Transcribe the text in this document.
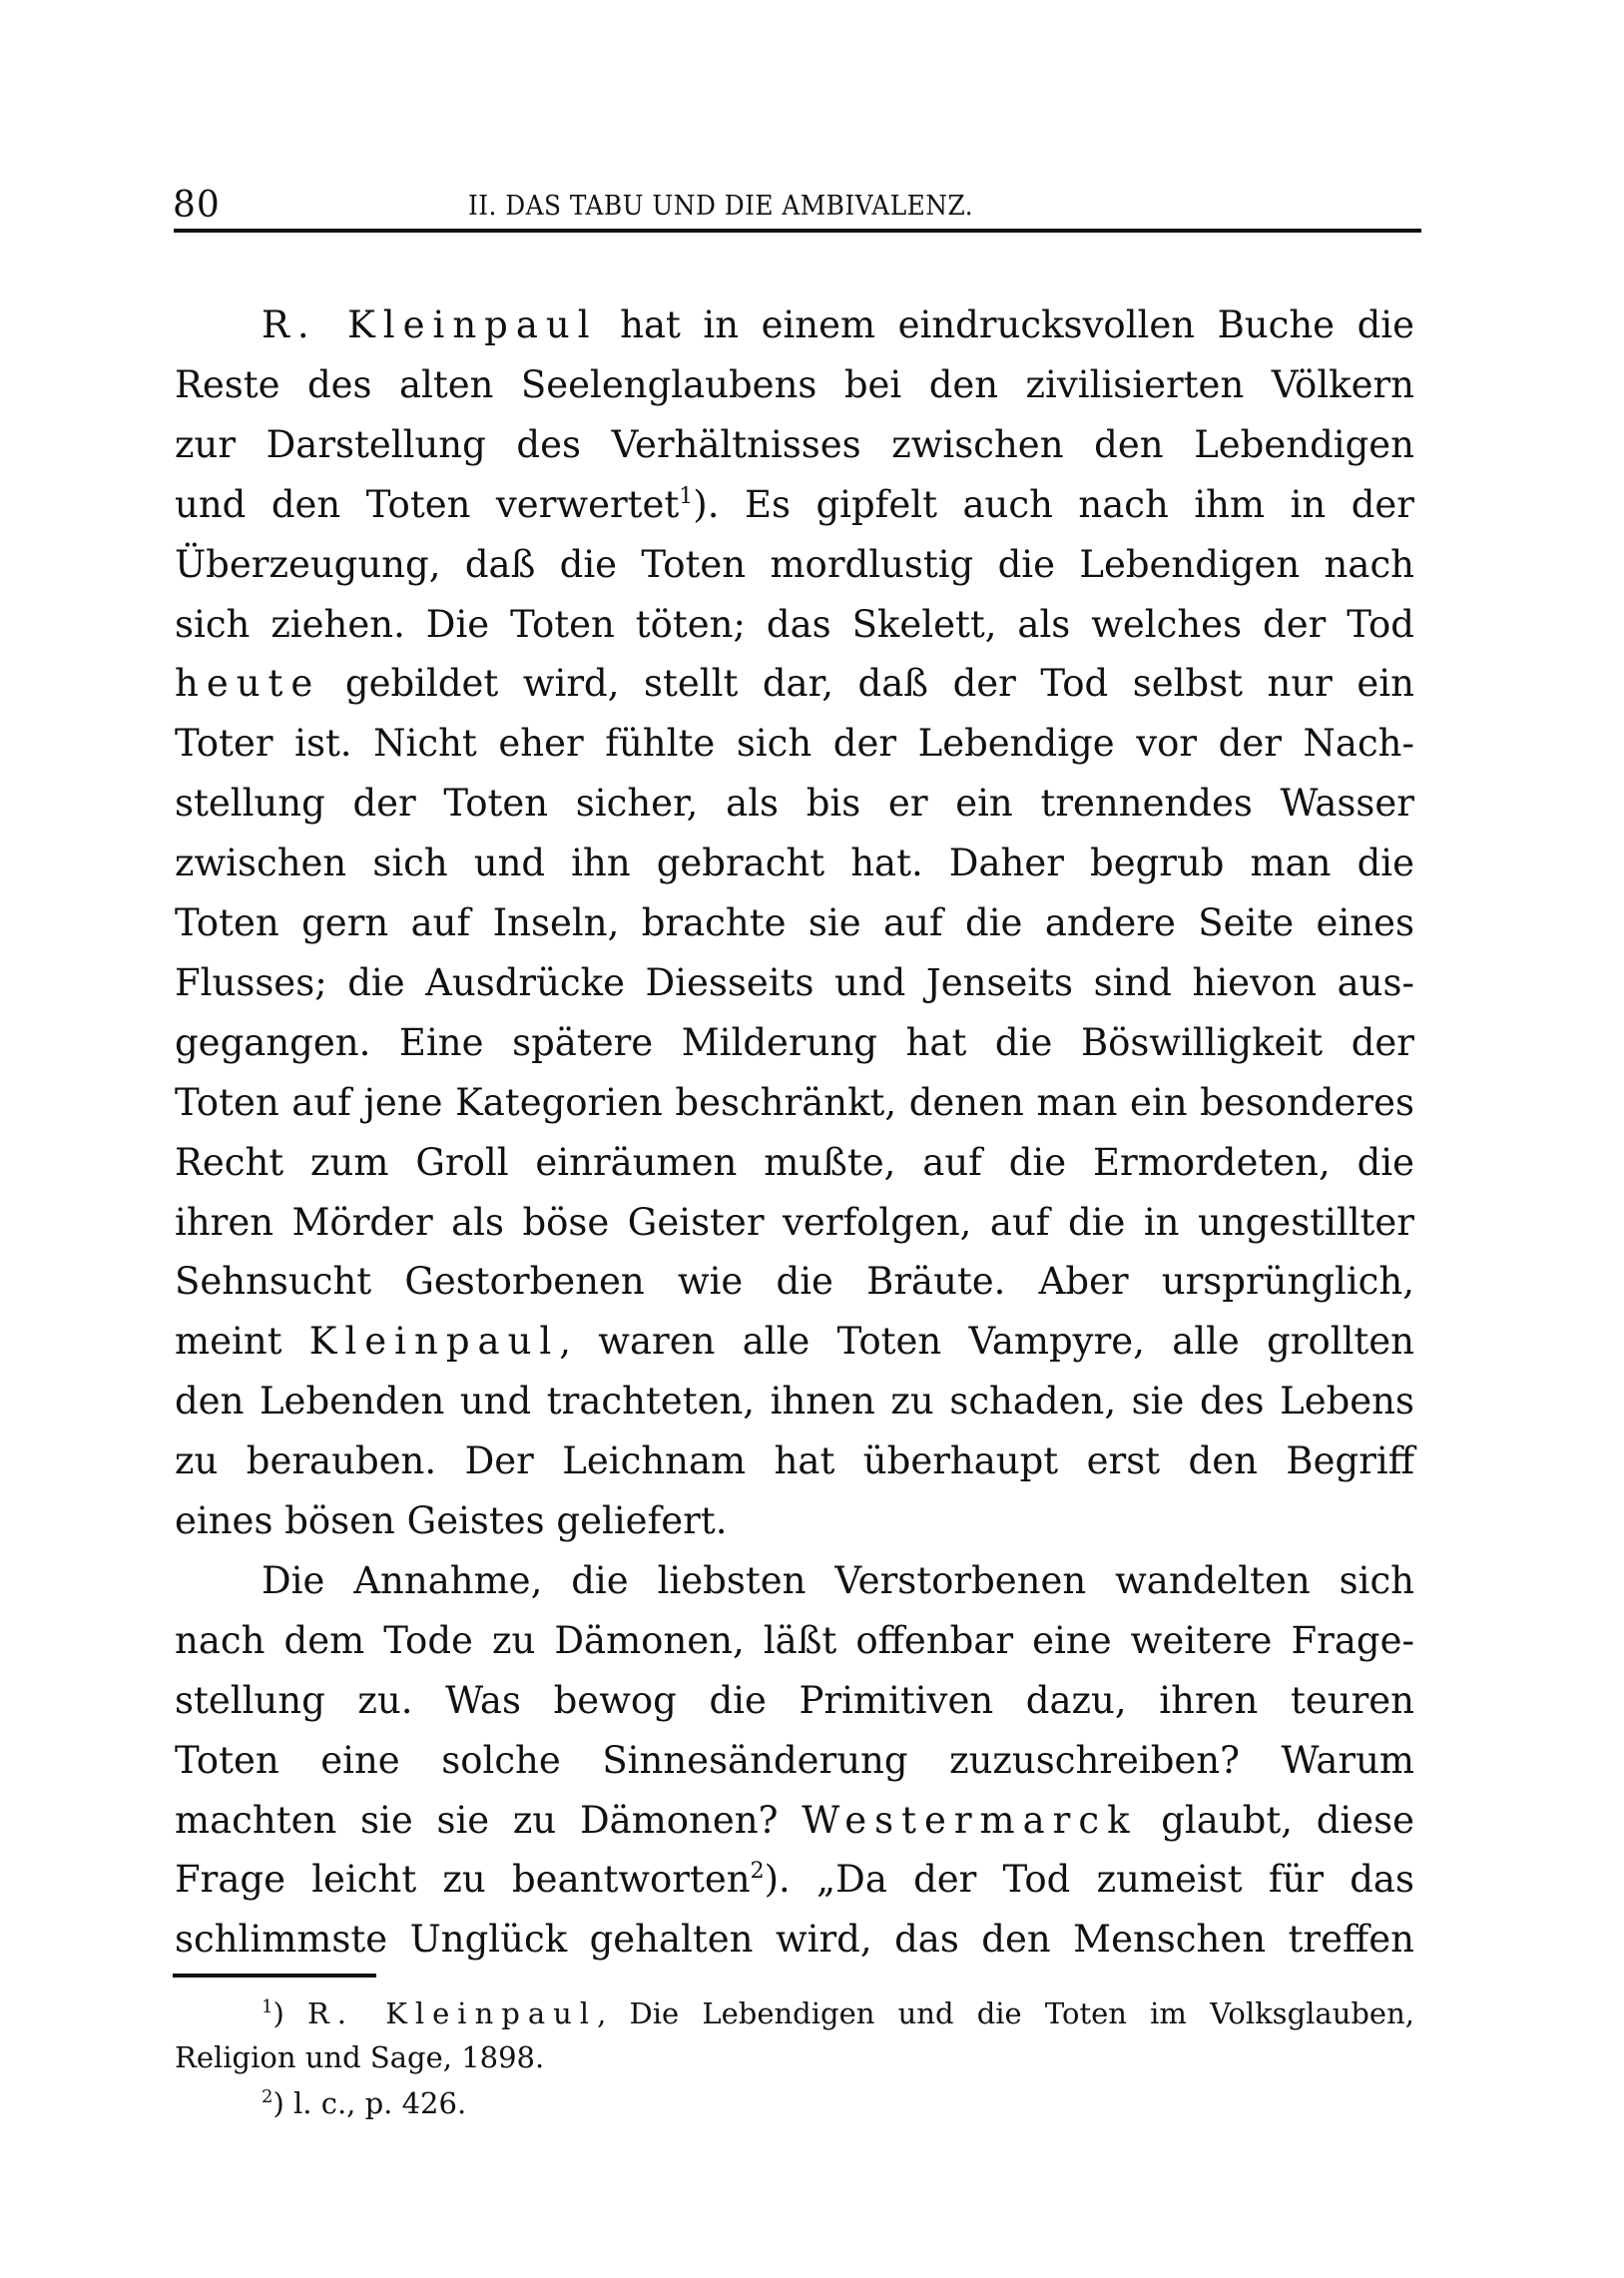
80	II. DAS TABU UND DIE AMBIVALENZ.
R. Kleinpaul hat in einem eindrucksvollen Buche die
Reste des alten Seelenglaubens bei den zivilisierten Völkern
zur Darstellung des Verhältnisses zwischen den Lebendigen
und den Toten verwertet$^1$). Es gipfelt auch nach ihm in der
Überzeugung, daß die Toten mordlustig die Lebendigen nach
sich ziehen. Die Toten töten; das Skelett, als welches der Tod
heute gebildet wird, stellt dar, daß der Tod selbst nur ein
Toter ist. Nicht eher fühlte sich der Lebendige vor der Nach-
stellung der Toten sicher, als bis er ein trennendes Wasser
zwischen sich und ihn gebracht hat. Daher begrub man die
Toten gern auf Inseln, brachte sie auf die andere Seite eines
Flusses; die Ausdrücke Diesseits und Jenseits sind hievon aus-
gegangen. Eine spätere Milderung hat die Böswilligkeit der
Toten auf jene Kategorien beschränkt, denen man ein besonderes
Recht zum Groll einräumen mußte, auf die Ermordeten, die
ihren Mörder als böse Geister verfolgen, auf die in ungestillter
Sehnsucht Gestorbenen wie die Bräute. Aber ursprünglich,
meint Kleinpaul, waren alle Toten Vampyre, alle grollten
den Lebenden und trachteten, ihnen zu schaden, sie des Lebens
zu berauben. Der Leichnam hat überhaupt erst den Begriff
eines bösen Geistes geliefert.
Die Annahme, die liebsten Verstorbenen wandelten sich
nach dem Tode zu Dämonen, läßt offenbar eine weitere Frage-
stellung zu. Was bewog die Primitiven dazu, ihren teuren
Toten eine solche Sinnesänderung zuzuschreiben? Warum
machten sie sie zu Dämonen? Westermarck glaubt, diese
Frage leicht zu beantworten$^2$). „Da der Tod zumeist für das
schlimmste Unglück gehalten wird, das den Menschen treffen
$^1$) R. Kleinpaul, Die Lebendigen und die Toten im Volksglauben,
Religion und Sage, 1898.
$^2$) l. c., p. 426.
